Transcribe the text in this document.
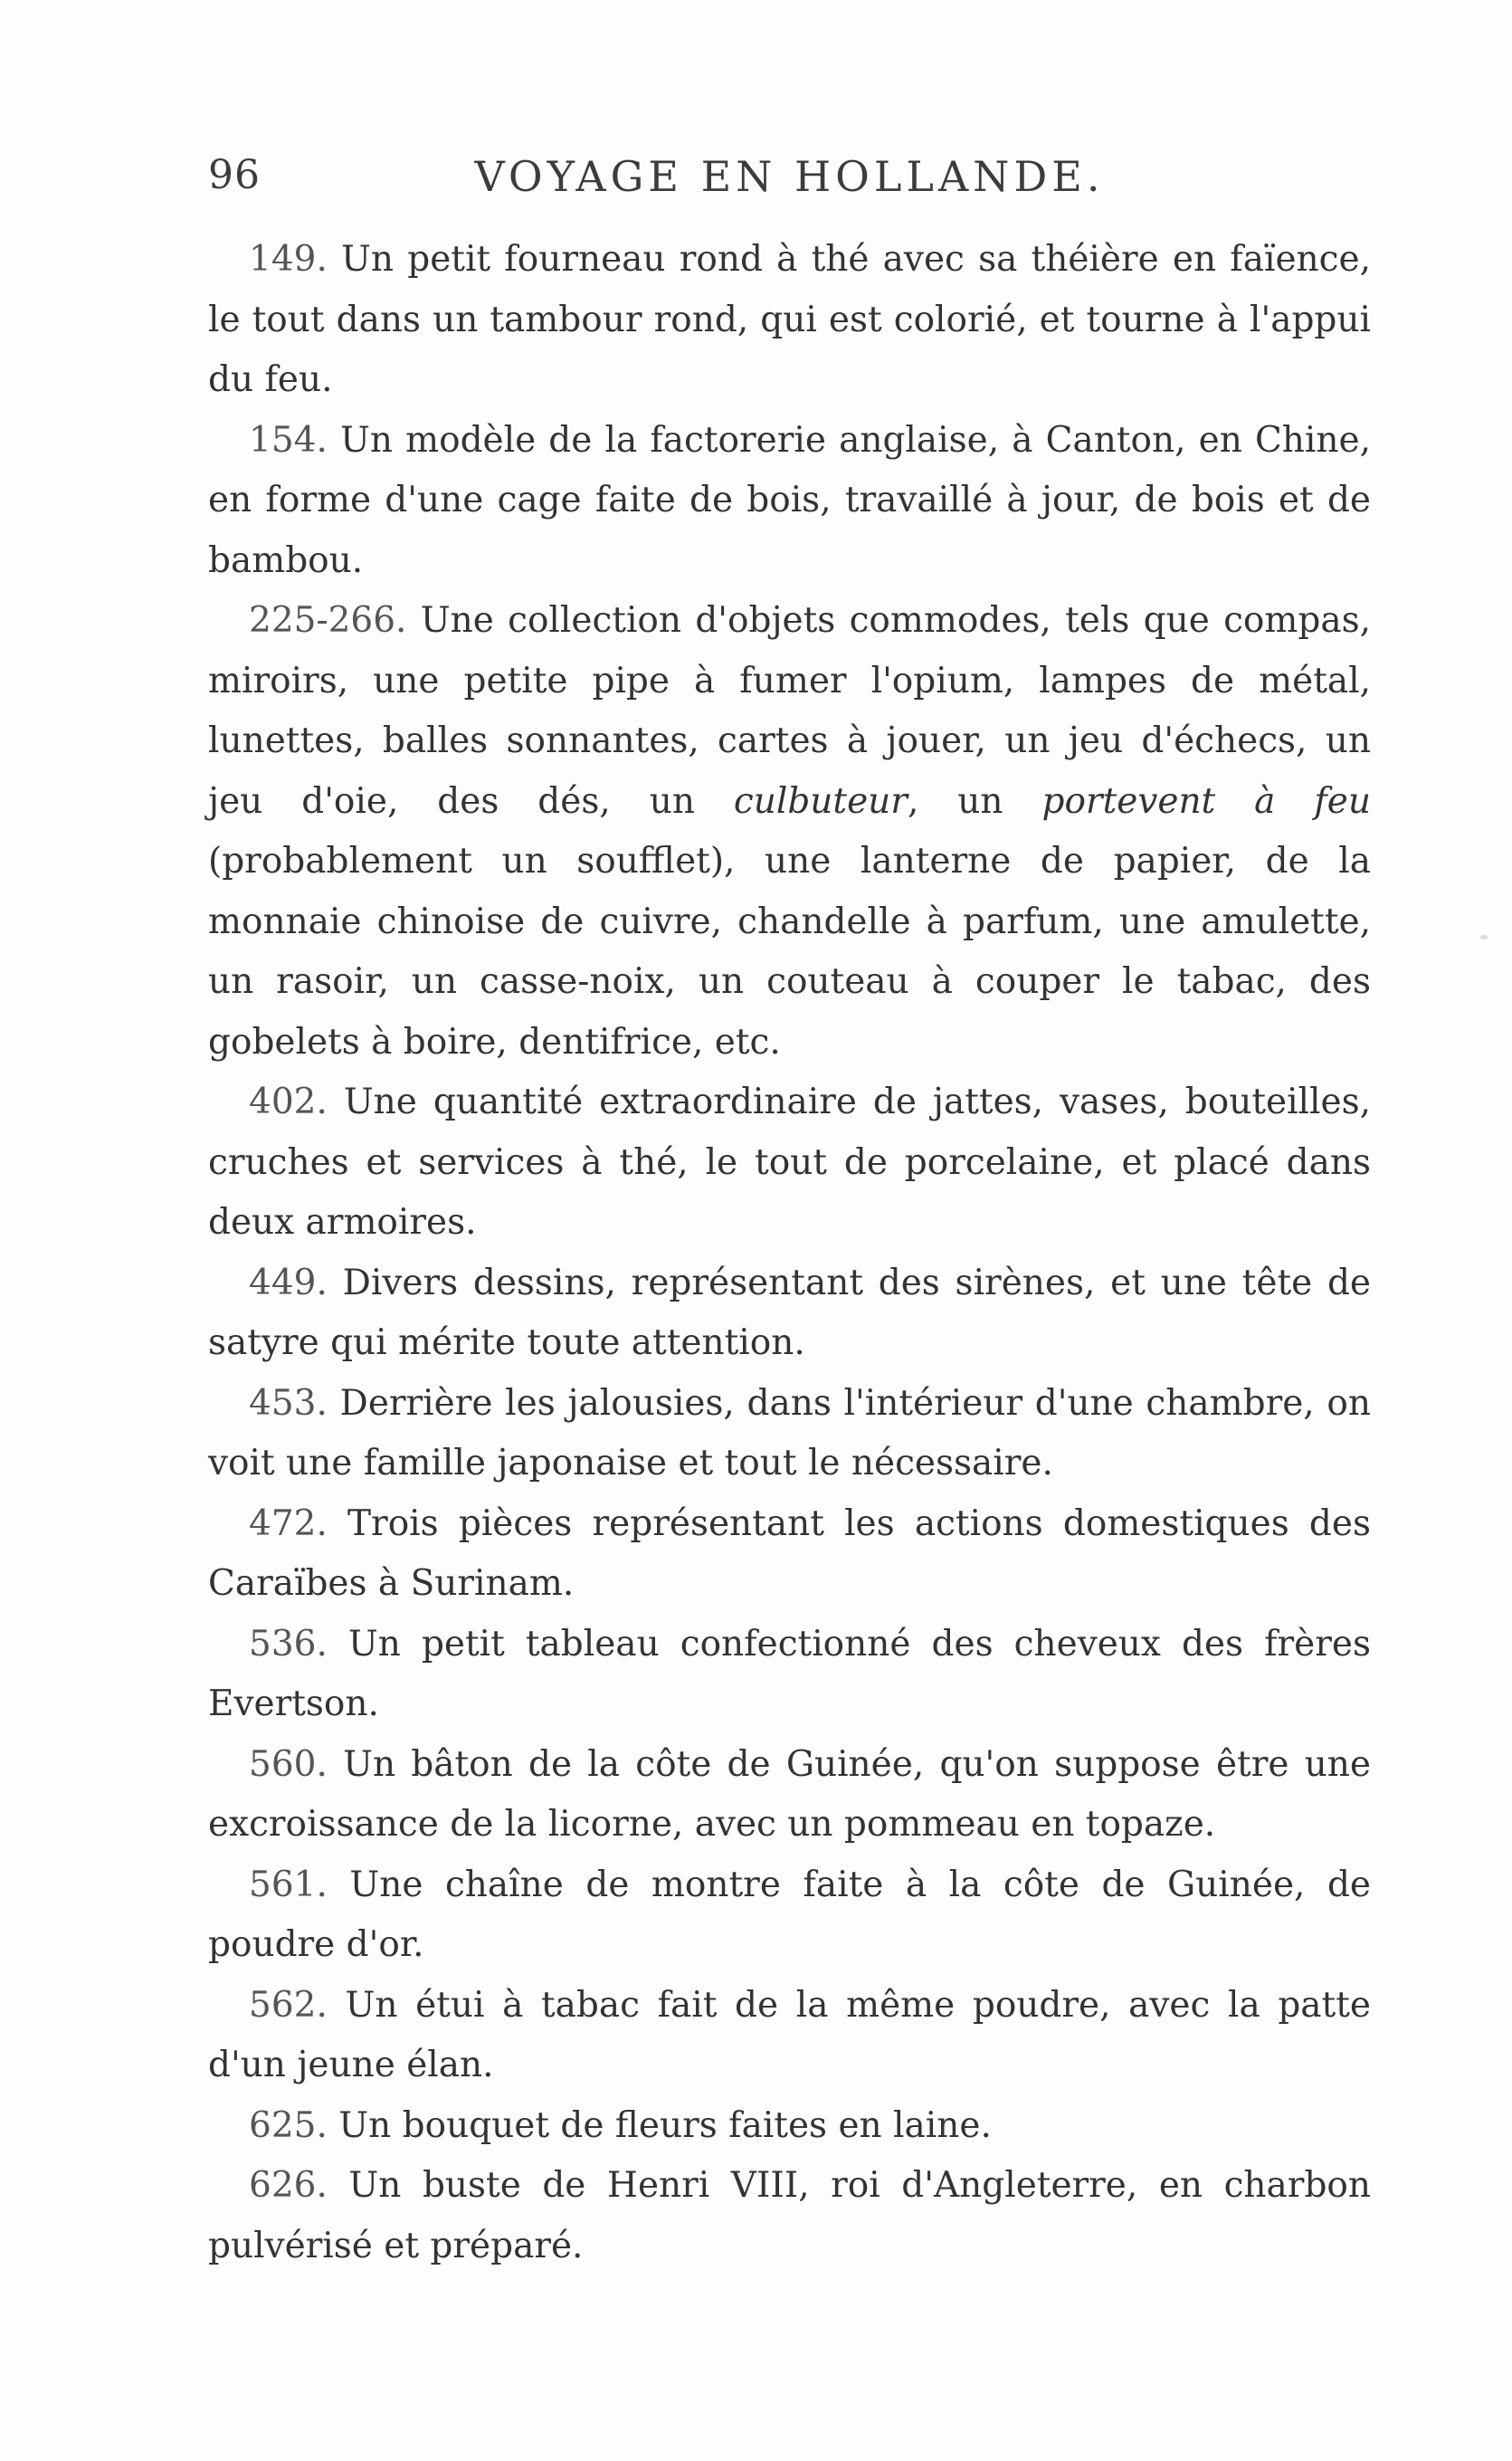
96	VOYAGE EN HOLLANDE.

149. Un petit fourneau rond à thé avec sa théière en faïence, le tout dans un tambour rond, qui est colorié, et tourne à l'appui du feu.

154. Un modèle de la factorerie anglaise, à Canton, en Chine, en forme d'une cage faite de bois, travaillé à jour, de bois et de bambou.

225-266. Une collection d'objets commodes, tels que compas, miroirs, une petite pipe à fumer l'opium, lampes de métal, lunettes, balles sonnantes, cartes à jouer, un jeu d'échecs, un jeu d'oie, des dés, un culbuteur, un portevent à feu (probablement un soufflet), une lanterne de papier, de la monnaie chinoise de cuivre, chandelle à parfum, une amulette, un rasoir, un casse-noix, un couteau à couper le tabac, des gobelets à boire, dentifrice, etc.

402. Une quantité extraordinaire de jattes, vases, bouteilles, cruches et services à thé, le tout de porcelaine, et placé dans deux armoires.

449. Divers dessins, représentant des sirènes, et une tête de satyre qui mérite toute attention.

453. Derrière les jalousies, dans l'intérieur d'une chambre, on voit une famille japonaise et tout le nécessaire.

472. Trois pièces représentant les actions domestiques des Caraïbes à Surinam.

536. Un petit tableau confectionné des cheveux des frères Evertson.

560. Un bâton de la côte de Guinée, qu'on suppose être une excroissance de la licorne, avec un pommeau en topaze.

561. Une chaîne de montre faite à la côte de Guinée, de poudre d'or.

562. Un étui à tabac fait de la même poudre, avec la patte d'un jeune élan.

625. Un bouquet de fleurs faites en laine.

626. Un buste de Henri VIII, roi d'Angleterre, en charbon pulvérisé et préparé.
